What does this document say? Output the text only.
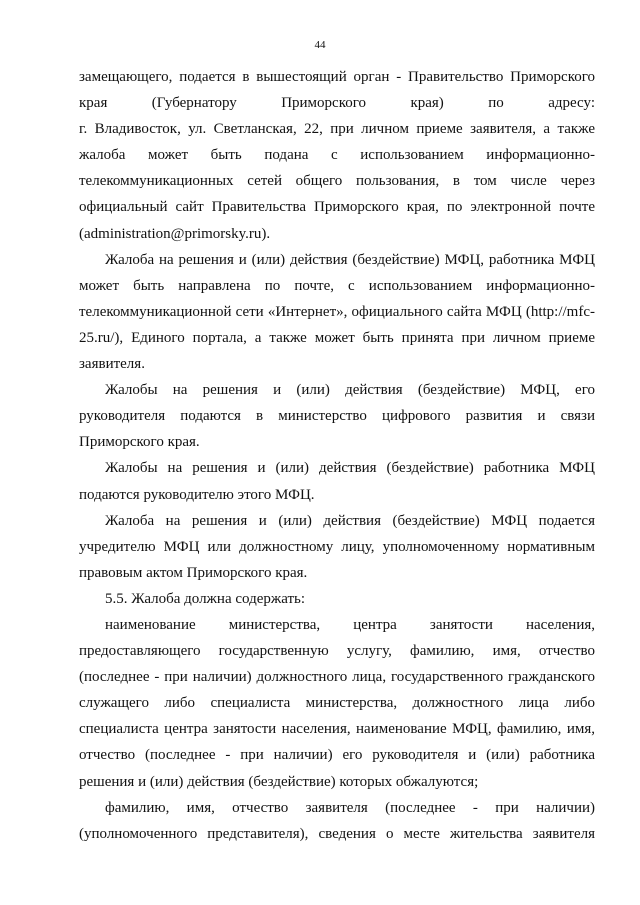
44

замещающего, подается в вышестоящий орган - Правительство Приморского

края (Губернатору Приморского края) по адресу:

г. Владивосток, ул. Светланская, 22, при личном приеме заявителя, а также

жалоба может быть подана с использованием информационно-

телекоммуникационных сетей общего пользования, в том числе через

официальный сайт Правительства Приморского края, по электронной почте

(administration@primorsky.ru).

Жалоба на решения и (или) действия (бездействие) МФЦ, работника МФЦ

может быть направлена по почте, с использованием информационно-

телекоммуникационной сети «Интернет», официального сайта МФЦ (http://mfc-

25.ru/), Единого портала, а также может быть принята при личном приеме

заявителя.

Жалобы на решения и (или) действия (бездействие) МФЦ, его

руководителя подаются в министерство цифрового развития и связи

Приморского края.

Жалобы на решения и (или) действия (бездействие) работника МФЦ

подаются руководителю этого МФЦ.

Жалоба на решения и (или) действия (бездействие) МФЦ подается

учредителю МФЦ или должностному лицу, уполномоченному нормативным

правовым актом Приморского края.

5.5. Жалоба должна содержать:

наименование министерства, центра занятости населения,

предоставляющего государственную услугу, фамилию, имя, отчество

(последнее - при наличии) должностного лица, государственного гражданского

служащего либо специалиста министерства, должностного лица либо

специалиста центра занятости населения, наименование МФЦ, фамилию, имя,

отчество (последнее - при наличии) его руководителя и (или) работника

решения и (или) действия (бездействие) которых обжалуются;

фамилию, имя, отчество заявителя (последнее - при наличии)

(уполномоченного представителя), сведения о месте жительства заявителя
